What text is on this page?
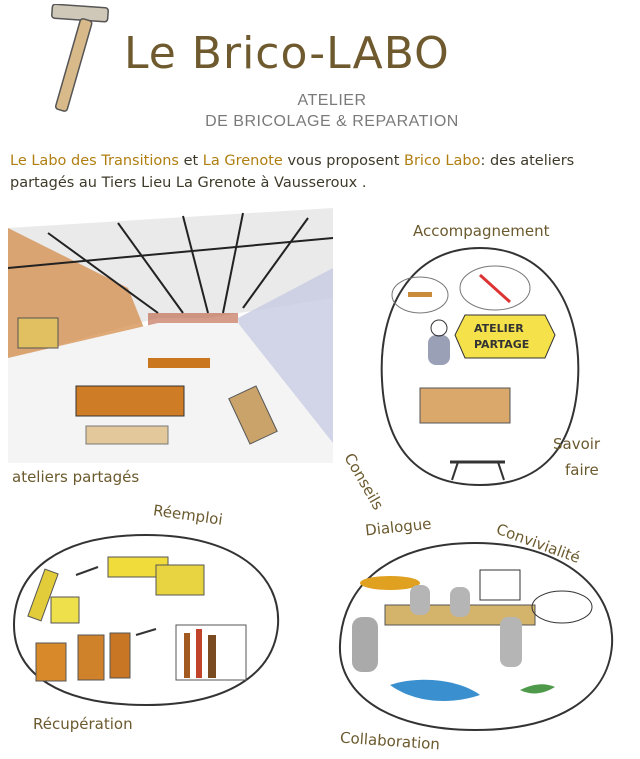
Le Brico-LABO
ATELIER
DE BRICOLAGE & REPARATION
Le Labo des Transitions et La Grenote vous proposent Brico Labo: des ateliers partagés au Tiers Lieu La Grenote à Vausseroux .
ateliers partagés
Accompagnement
ATELIER
PARTAGE
Conseils
Savoir
faire
Réemploi
Récupération
Dialogue	Convivialité
Collaboration
